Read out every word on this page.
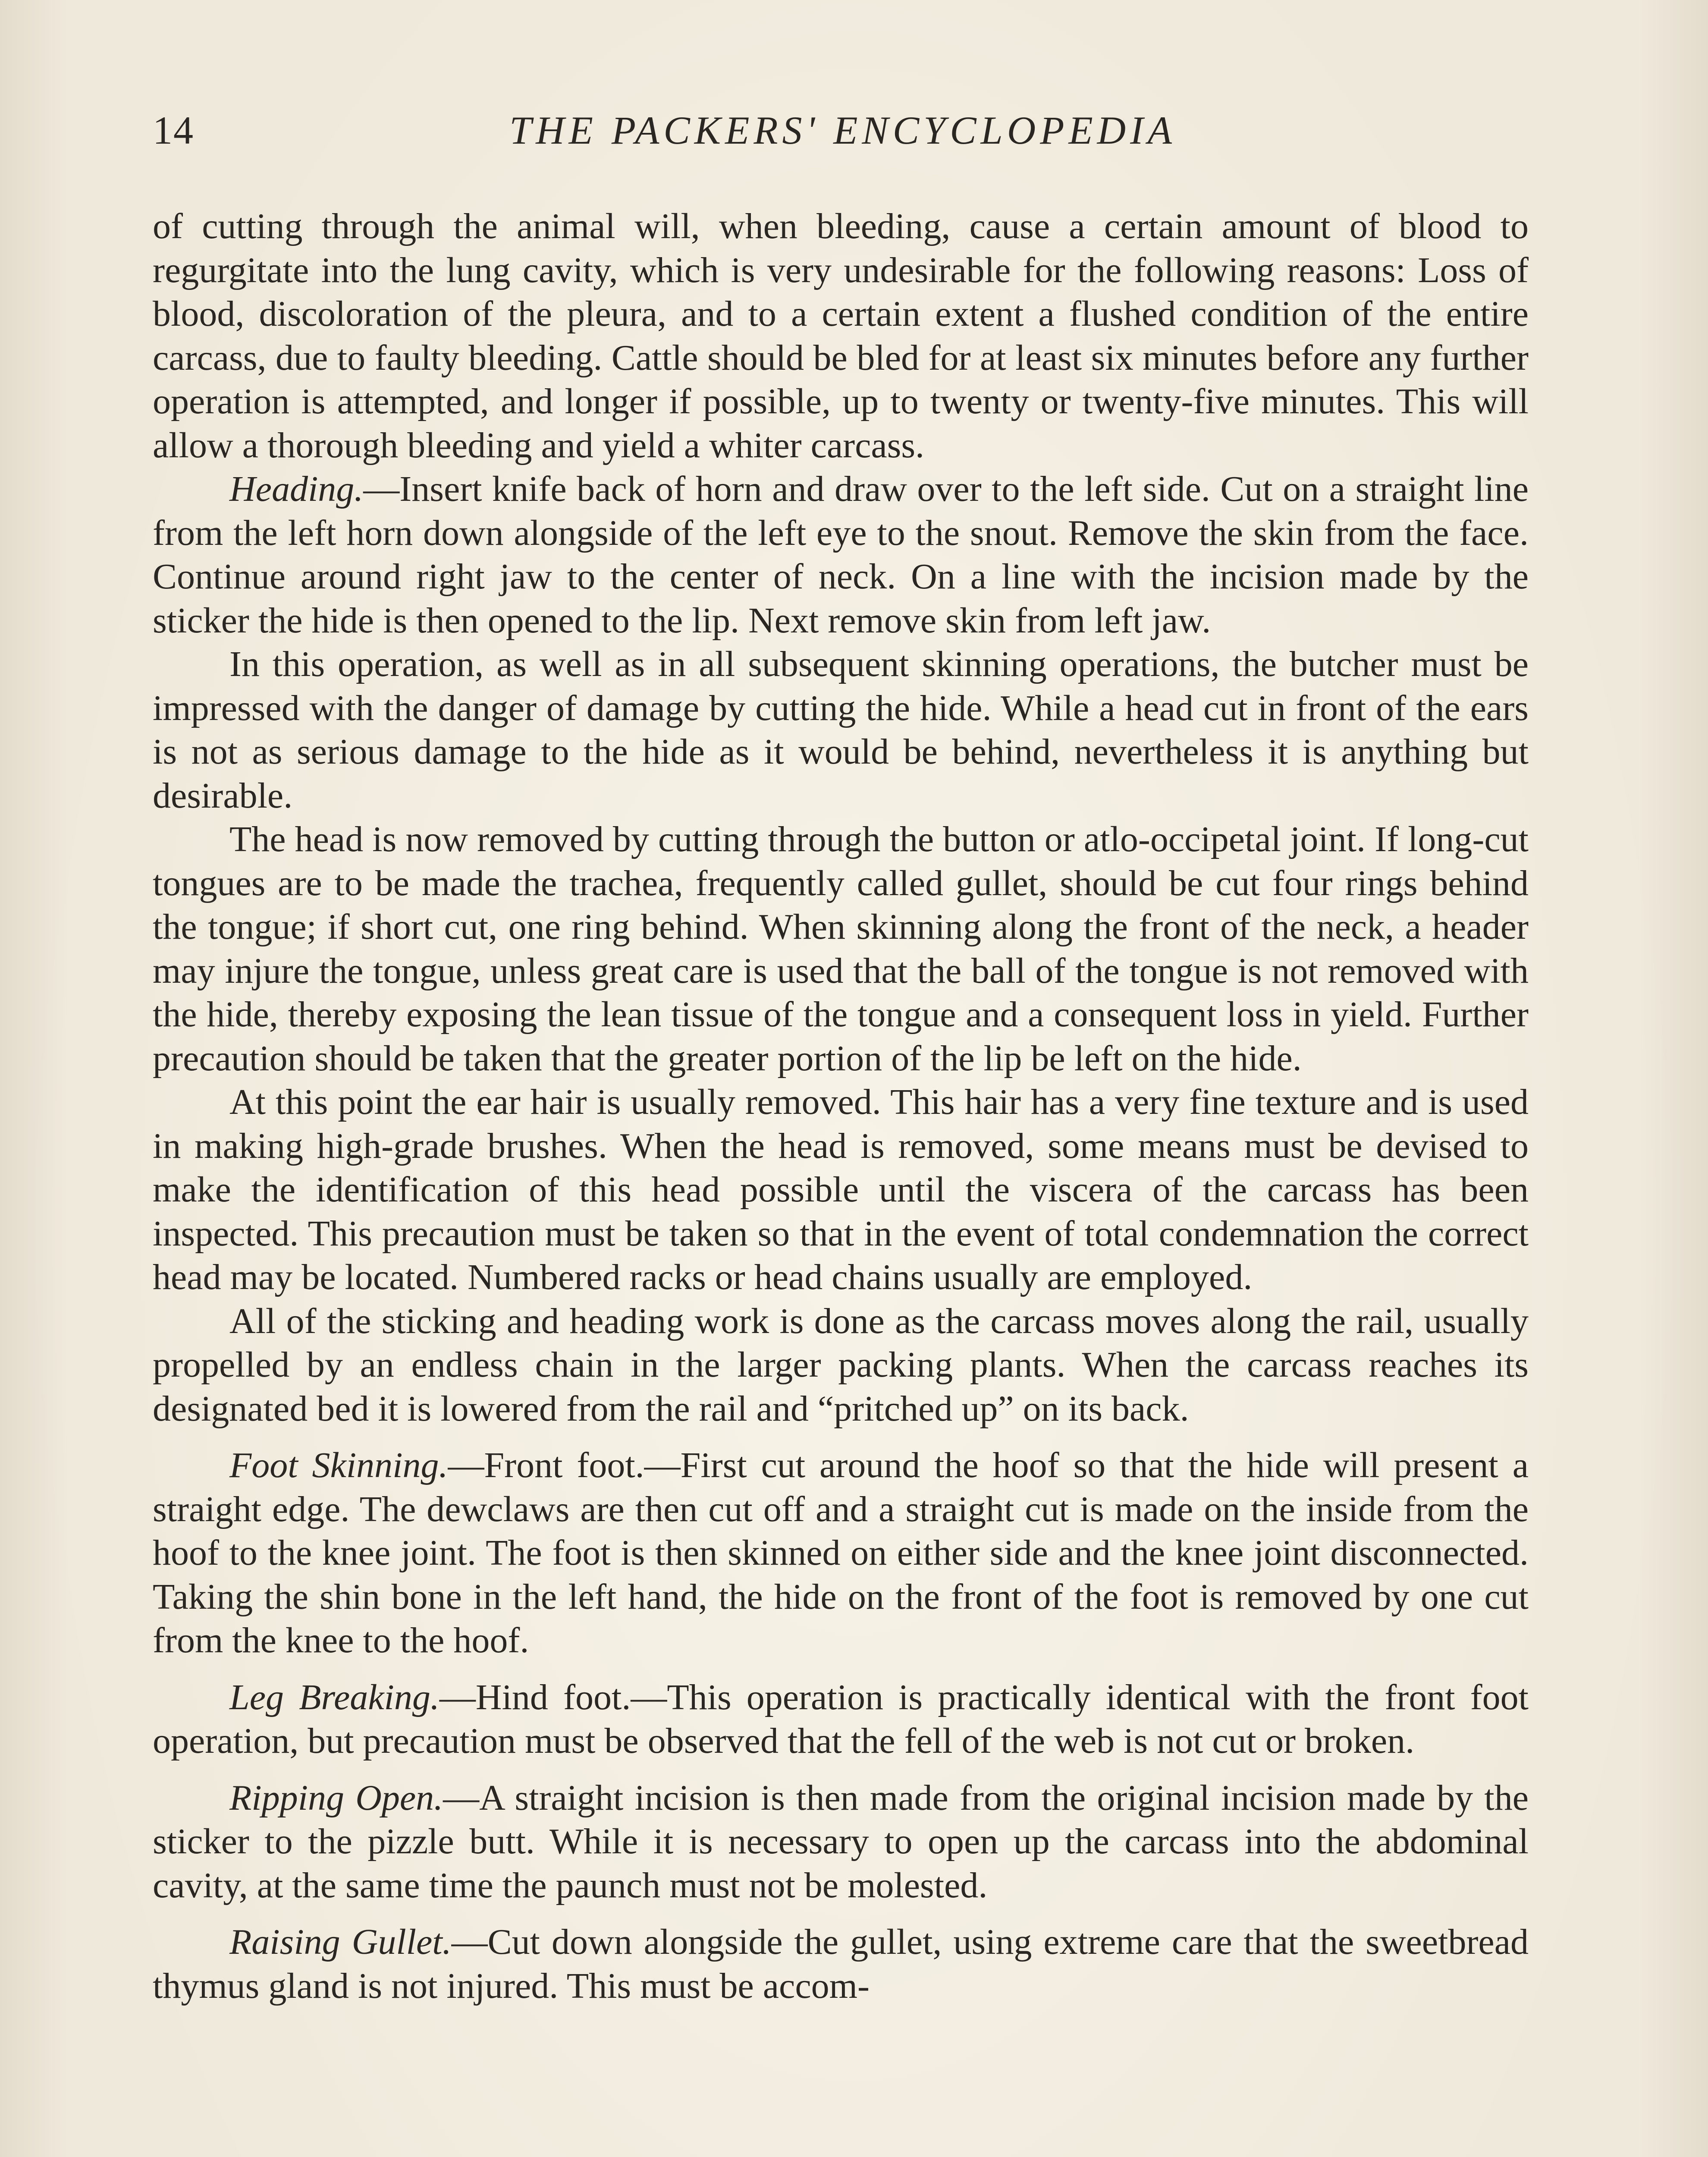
14	THE PACKERS' ENCYCLOPEDIA

of cutting through the animal will, when bleeding, cause a certain amount of blood to regurgitate into the lung cavity, which is very undesirable for the following reasons: Loss of blood, discoloration of the pleura, and to a certain extent a flushed condition of the entire carcass, due to faulty bleeding. Cattle should be bled for at least six minutes before any further operation is attempted, and longer if possible, up to twenty or twenty-five minutes. This will allow a thorough bleeding and yield a whiter carcass.

Heading.—Insert knife back of horn and draw over to the left side. Cut on a straight line from the left horn down alongside of the left eye to the snout. Remove the skin from the face. Continue around right jaw to the center of neck. On a line with the incision made by the sticker the hide is then opened to the lip. Next remove skin from left jaw.

In this operation, as well as in all subsequent skinning operations, the butcher must be impressed with the danger of damage by cutting the hide. While a head cut in front of the ears is not as serious damage to the hide as it would be behind, nevertheless it is anything but desirable.

The head is now removed by cutting through the button or atlo-occipetal joint. If long-cut tongues are to be made the trachea, frequently called gullet, should be cut four rings behind the tongue; if short cut, one ring behind. When skinning along the front of the neck, a header may injure the tongue, unless great care is used that the ball of the tongue is not removed with the hide, thereby exposing the lean tissue of the tongue and a consequent loss in yield. Further precaution should be taken that the greater portion of the lip be left on the hide.

At this point the ear hair is usually removed. This hair has a very fine texture and is used in making high-grade brushes. When the head is removed, some means must be devised to make the identification of this head possible until the viscera of the carcass has been inspected. This precaution must be taken so that in the event of total condemnation the correct head may be located. Numbered racks or head chains usually are employed.

All of the sticking and heading work is done as the carcass moves along the rail, usually propelled by an endless chain in the larger packing plants. When the carcass reaches its designated bed it is lowered from the rail and “pritched up” on its back.

Foot Skinning.—Front foot.—First cut around the hoof so that the hide will present a straight edge. The dewclaws are then cut off and a straight cut is made on the inside from the hoof to the knee joint. The foot is then skinned on either side and the knee joint disconnected. Taking the shin bone in the left hand, the hide on the front of the foot is removed by one cut from the knee to the hoof.

Leg Breaking.—Hind foot.—This operation is practically identical with the front foot operation, but precaution must be observed that the fell of the web is not cut or broken.

Ripping Open.—A straight incision is then made from the original incision made by the sticker to the pizzle butt. While it is necessary to open up the carcass into the abdominal cavity, at the same time the paunch must not be molested.

Raising Gullet.—Cut down alongside the gullet, using extreme care that the sweetbread thymus gland is not injured. This must be accom-
